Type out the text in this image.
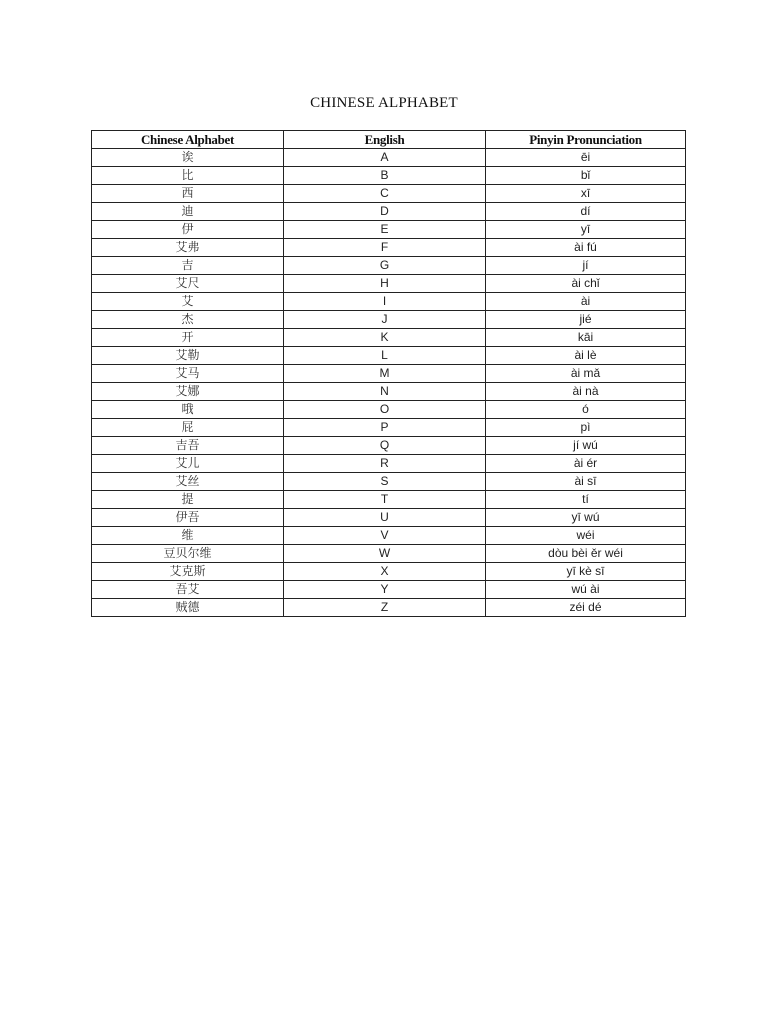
CHINESE ALPHABET
Chinese Alphabet	English	Pinyin Pronunciation
诶	A	ēi
比	B	bǐ
西	C	xī
迪	D	dí
伊	E	yī
艾弗	F	ài fú
吉	G	jí
艾尺	H	ài chǐ
艾	I	ài
杰	J	jié
开	K	kāi
艾勒	L	ài lè
艾马	M	ài mǎ
艾娜	N	ài nà
哦	O	ó
屁	P	pì
吉吾	Q	jí wú
艾儿	R	ài ér
艾丝	S	ài sī
提	T	tí
伊吾	U	yī wú
维	V	wéi
豆贝尔维	W	dòu bèi ěr wéi
艾克斯	X	yī kè sī
吾艾	Y	wú ài
贼德	Z	zéi dé
